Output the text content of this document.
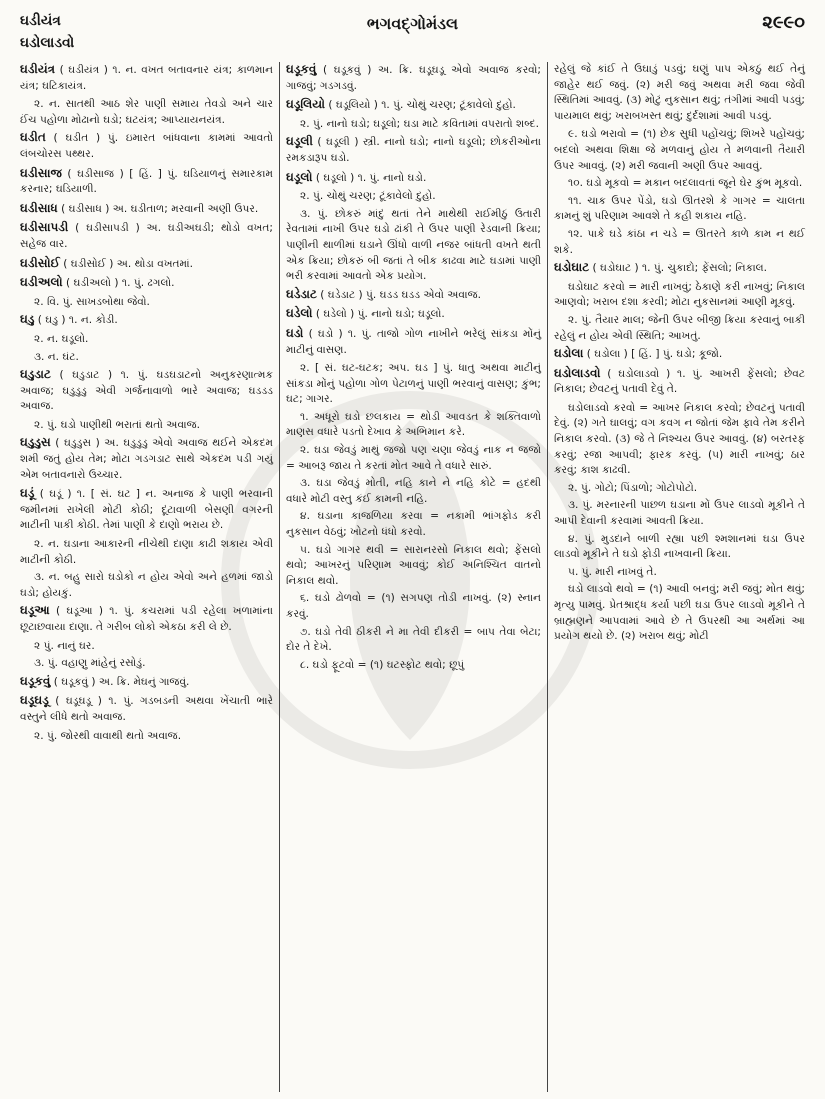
ઘડીયંત્ર
ઘડોલાડવો
ભગવદ્ગોમંડલ	૨૯૯૦

ઘડીયંત્ર ( ઘડીયંત્ર ) ૧. ન. વખત બતાવનાર યંત્ર; કાળમાન યંત્ર; ઘટિકાયંત્ર.

૨. ન. સાતથી આઠ શેર પાણી સમાય તેવડો અને ચાર ઈંચ પહોળા મોઢાનો ઘડો; ઘટયંત્ર; આપ્યાયનયંત્ર.

ઘડીત ( ઘડીત ) પું. ઇમારત બાંધવાના કામમાં આવતો લંબચોરસ પથ્થર.

ઘડીસાજ ( ઘડીસાજ ) [ હિં. ] પું. ઘડિયાળનું સમારકામ કરનાર; ઘડિયાળી.

ઘડીસાધ ( ઘડીસાધ ) અ. ઘડીતાળ; મરવાની અણી ઉપર.

ઘડીસાપડી ( ઘડીસાપડી ) અ. ઘડીઅઘડી; થોડો વખત; સહેજ વાર.

ઘડીસોઈ ( ઘડીસોઈ ) અ. થોડા વખતમાં.

ઘડીઅલો ( ઘડીઅલો ) ૧. પું. ઢગલો.

૨. વિ. પું. સાખડબોથા જેવો.

ઘડુ ( ઘડુ ) ૧. ન. કોડી.

૨. ન. ઘડૂલો.

૩. ન. ઘંટ.

ઘડુડાટ ( ઘડુડાટ ) ૧. પું. ઘડઘડાટનો અનુકરણાત્મક અવાજ; ઘડુડુડુ એવી ગર્જનાવાળો ભારે અવાજ; ઘડડડ અવાજ.

૨. પું. ઘડો પાણીથી ભરાતાં થતો અવાજ.

ઘડુડુસ ( ઘડુડુસ ) અ. ઘડુડુડુ એવો અવાજ થઈને એકદમ શમી જતું હોય તેમ; મોટા ગડગડાટ સાથે એકદમ પડી ગયું એમ બતાવનારો ઉચ્ચાર.

ઘડૂં ( ઘડૂં ) ૧. [ સં. ઘટ ] ન. અનાજ કે પાણી ભરવાની જમીનમાં રાખેલી મોટી કોઠી; દૂંટાવાળી બેસણી વગરની માટીની પાકી કોઠી. તેમાં પાણી કે દાણો ભરાય છે.

૨. ન. ઘડાના આકારની નીચેથી દાણા કાઢી શકાય એવી માટીની કોઠી.

૩. ન. બહુ સારો ઘડોકો ન હોય એવો અને હળમાં જાડો ઘડો; હોયકું.

ઘડૂઆ ( ઘડૂઆ ) ૧. પું. કચરામાં પડી રહેલા ખળામાંના છૂટાછવાયા દાણા. તે ગરીબ લોકો એકઠા કરી લે છે.

૨ પું. નાનું ઘર.

૩. પું. વહાણુ માંહેનું રસોડું.

ઘડૂકવું ( ઘડૂકવું ) અ. ક્રિ. મેઘનું ગાજવું.

ઘડૂઘડૂ ( ઘડૂઘડૂ ) ૧. પું. ગડબડની અથવા ખેંચાતી ભારે વસ્તુને લીધે થતો અવાજ.

૨. પું. જોરથી વાવાથી થતો અવાજ.

ઘડૂકવું ( ઘડૂકવું ) અ. ક્રિ. ઘડૂઘડૂ એવો અવાજ કરવો; ગાજવું; ગડગડવું.

ઘડૂલિયો ( ઘડૂલિયો ) ૧. પું. ચોથું ચરણ; ટૂંકાવેલો દુહો.

૨. પું. નાનો ઘડો; ઘડૂલો; ઘડા માટે કવિતામાં વપરાતો શબ્દ.

ઘડૂલી ( ઘડૂલી ) સ્ત્રી. નાનો ઘડો; નાનો ઘડૂલો; છોકરીઓના રમકડારૂપ ઘડો.

ઘડૂલો ( ઘડૂલો ) ૧. પું. નાનો ઘડો.

૨. પું. ચોથું ચરણ; ટૂંકાવેલો દુહો.

૩. પું. છોકરું માંદું થતાં તેને માથેથી રાઈમીઠું ઉતારી રેવતામાં નાખી ઉપર ઘડો ઢાંકી તે ઉપર પાણી રેડવાની ક્રિયા; પાણીની થાળીમાં ઘડાને ઊંધો વાળી નજર બાંધતી વખતે થતી એક ક્રિયા; છોકરું બી જતાં તે બીક કાઢવા માટે ઘડામાં પાણી ભરી કરવામાં આવતો એક પ્રયોગ.

ઘડેડાટ ( ઘડેડાટ ) પું. ઘડડ ઘડડ એવો અવાજ.

ઘડેલો ( ઘડેલો ) પું. નાનો ઘડો; ઘડૂલો.

ઘડો ( ઘડો ) ૧. પું. તાજો ગોળ નાખીને ભરેલું સાંકડા મોંનું માટીનું વાસણ.

૨. [ સં. ઘટ-ઘટક; અપ. ઘડ ] પું. ધાતુ અથવા માટીનું સાંકડા મોંનું પહોળા ગોળ પેટાળનું પાણી ભરવાનું વાસણ; કુંભ; ઘટ; ગાગર.

૧. અધૂરો ઘડો છલકાય = થોડી આવડત કે શક્તિવાળો માણસ વધારે પડતો દેખાવ કે અભિમાન કરે.

૨. ઘડા જેવડું માથું જજો પણ ચણા જેવડું નાક ન જજો = આબરૂ જાય તે કરતાં મોત આવે તે વધારે સારું.

૩. ઘડા જેવડું મોતી, નહિ કાને ને નહિ કોટે = હદથી વધારે મોટી વસ્તુ કંઈ કામની નહિ.

૪. ઘડાના કાજળિયા કરવા = નકામી ભાંગફોડ કરી નુકસાન વેઠવું; ખોટનો ધંધો કરવો.

૫. ઘડો ગાગર થવી = સારાનરસો નિકાલ થવો; ફેંસલો થવો; આખરનું પરિણામ આવવું; કોઈ અનિશ્ચિત વાતનો નિકાલ થવો.

૬. ઘડો ઢોળવો = (૧) સગપણ તોડી નાખવું. (૨) સ્નાન કરવું.

૭. ઘડો તેવી ઠીકરી ને મા તેવી દીકરી = બાપ તેવા બેટા; દોર તે દેખે.

૮. ઘડો ફૂટવો = (૧) ઘટસ્ફોટ થવો; છૂપું

રહેલું જે કાંઈ તે ઉઘાડું પડવું; ઘણું પાપ એકઠું થઈ તેનું જાહેર થઈ જવું. (૨) મરી જવું અથવા મરી જવા જેવી સ્થિતિમાં આવવું. (૩) મોટું નુકસાન થવું; તંગીમાં આવી પડવું; પાયમાલ થવું; ખરાબખસ્ત થવું; દુર્દશામાં આવી પડવું.

૯. ઘડો ભરાવો = (૧) છેક સુધી પહોંચવું; શિખરે પહોંચવું; બદલો અથવા શિક્ષા જે મળવાનું હોય તે મળવાની તૈયારી ઉપર આવવું. (૨) મરી જવાની અણી ઉપર આવવું.

૧૦. ઘડો મૂકવો = મકાન બદલાવતાં જૂને ઘેર કુંભ મૂકવો.

૧૧. ચાક ઉપર પેંડો, ઘડો ઊતરશે કે ગાગર = ચાલતા કામનું શું પરિણામ આવશે તે કહી શકાય નહિ.

૧૨. પાકે ઘડે કાંઠા ન ચડે = ઊતરતે કાળે કામ ન થઈ શકે.

ઘડોઘાટ ( ઘડોઘાટ ) ૧. પું. ચુકાદો; ફેંસલો; નિકાલ.

ઘડોઘાટ કરવો = મારી નાખવું; ઠેકાણે કરી નાખવું; નિકાલ આણવો; ખરાબ દશા કરવી; મોટા નુકસાનમાં આણી મૂકવું.

૨. પું. તૈયાર માલ; જેની ઉપર બીજી ક્રિયા કરવાનું બાકી રહેલું ન હોય એવી સ્થિતિ; આખતું.

ઘડોલા ( ઘડોલા ) [ હિં. ] પું. ઘડો; કૂજો.

ઘડોલાડવો ( ઘડોલાડવો ) ૧. પું. આખરી ફેંસલો; છેવટ નિકાલ; છેવટનું પતાવી દેવું તે.

ઘડોલાડવો કરવો = આખર નિકાલ કરવો; છેવટનું પતાવી દેવું. (૨) ગતે ઘાલવું; વગ કવગ ન જોતાં જેમ ફાવે તેમ કરીને નિકાલ કરવો. (૩) જે તે નિશ્ચય ઉપર આવવું. (૪) બરતરફ કરવું; રજા આપવી; ફારક કરવું. (૫) મારી નાખવું; ઠાર કરવું; કાશ કાઢવી.

૨. પું. ગોટો; પિંડાળો; ગોટોપોટો.

૩. પું. મરનારની પાછળ ઘડાના મોં ઉપર લાડવો મૂકીને તે આપી દેવાની કરવામાં આવતી ક્રિયા.

૪. પું. મુડદાને બાળી રહ્યા પછી શ્મશાનમાં ઘડા ઉપર લાડવો મૂકીને તે ઘડો ફોડી નાખવાની ક્રિયા.

૫. પું. મારી નાખવું તે.

ઘડો લાડવો થવો = (૧) આવી બનવું; મરી જવું; મોત થવું; મૃત્યુ પામવું. પ્રેતશ્રાદ્ધ કર્યા પછી ઘડા ઉપર લાડવો મૂકીને તે બ્રાહ્મણને આપવામાં આવે છે તે ઉપરથી આ અર્થમાં આ પ્રયોગ થયો છે. (૨) ખરાબ થવું; મોટી
